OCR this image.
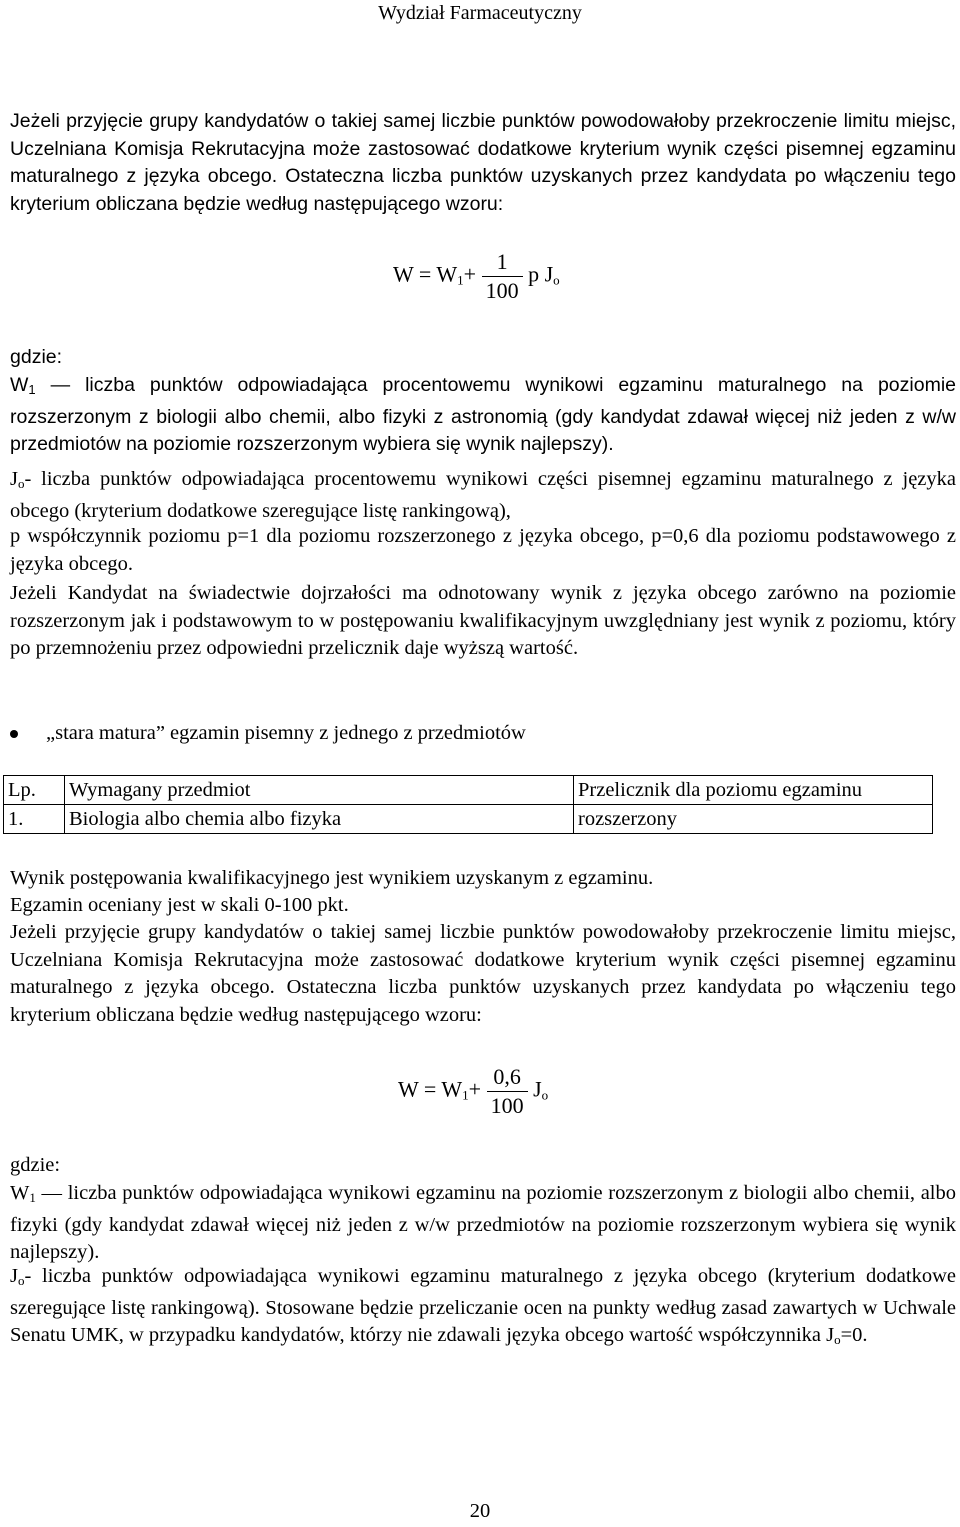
Wydział Farmaceutyczny

Jeżeli przyjęcie grupy kandydatów o takiej samej liczbie punktów powodowałoby przekroczenie limitu miejsc, Uczelniana Komisja Rekrutacyjna może zastosować dodatkowe kryterium wynik części pisemnej egzaminu maturalnego z języka obcego. Ostateczna liczba punktów uzyskanych przez kandydata po włączeniu tego kryterium obliczana będzie według następującego wzoru:

$W = W_1+ \frac{1}{100}$ p $J_o$
gdzie:

$W_1$ — liczba punktów odpowiadająca procentowemu wynikowi egzaminu maturalnego na poziomie rozszerzonym z biologii albo chemii, albo fizyki z astronomią (gdy kandydat zdawał więcej niż jeden z w/w przedmiotów na poziomie rozszerzonym wybiera się wynik najlepszy).

$J_o-$ liczba punktów odpowiadająca procentowemu wynikowi części pisemnej egzaminu maturalnego z języka obcego (kryterium dodatkowe szeregujące listę rankingową),

p współczynnik poziomu p=1 dla poziomu rozszerzonego z języka obcego, p=0,6 dla poziomu podstawowego z języka obcego.

Jeżeli Kandydat na świadectwie dojrzałości ma odnotowany wynik z języka obcego zarówno na poziomie rozszerzonym jak i podstawowym to w postępowaniu kwalifikacyjnym uwzględniany jest wynik z poziomu, który po przemnożeniu przez odpowiedni przelicznik daje wyższą wartość.

„stara matura” egzamin pisemny z jednego z przedmiotów
Lp.	Wymagany przedmiot	Przelicznik dla poziomu egzaminu
1.	Biologia albo chemia albo fizyka	rozszerzony
Wynik postępowania kwalifikacyjnego jest wynikiem uzyskanym z egzaminu.
Egzamin oceniany jest w skali 0-100 pkt.

Jeżeli przyjęcie grupy kandydatów o takiej samej liczbie punktów powodowałoby przekroczenie limitu miejsc, Uczelniana Komisja Rekrutacyjna może zastosować dodatkowe kryterium wynik części pisemnej egzaminu maturalnego z języka obcego. Ostateczna liczba punktów uzyskanych przez kandydata po włączeniu tego kryterium obliczana będzie według następującego wzoru:

$W = W_1+ \frac{0,6}{100} J_o$
gdzie:

$W_1$ — liczba punktów odpowiadająca wynikowi egzaminu na poziomie rozszerzonym z biologii albo chemii, albo fizyki (gdy kandydat zdawał więcej niż jeden z w/w przedmiotów na poziomie rozszerzonym wybiera się wynik najlepszy).

$J_o-$ liczba punktów odpowiadająca wynikowi egzaminu maturalnego z języka obcego (kryterium dodatkowe szeregujące listę rankingową). Stosowane będzie przeliczanie ocen na punkty według zasad zawartych w Uchwale Senatu UMK, w przypadku kandydatów, którzy nie zdawali języka obcego wartość współczynnika $J_o=0$.

20
